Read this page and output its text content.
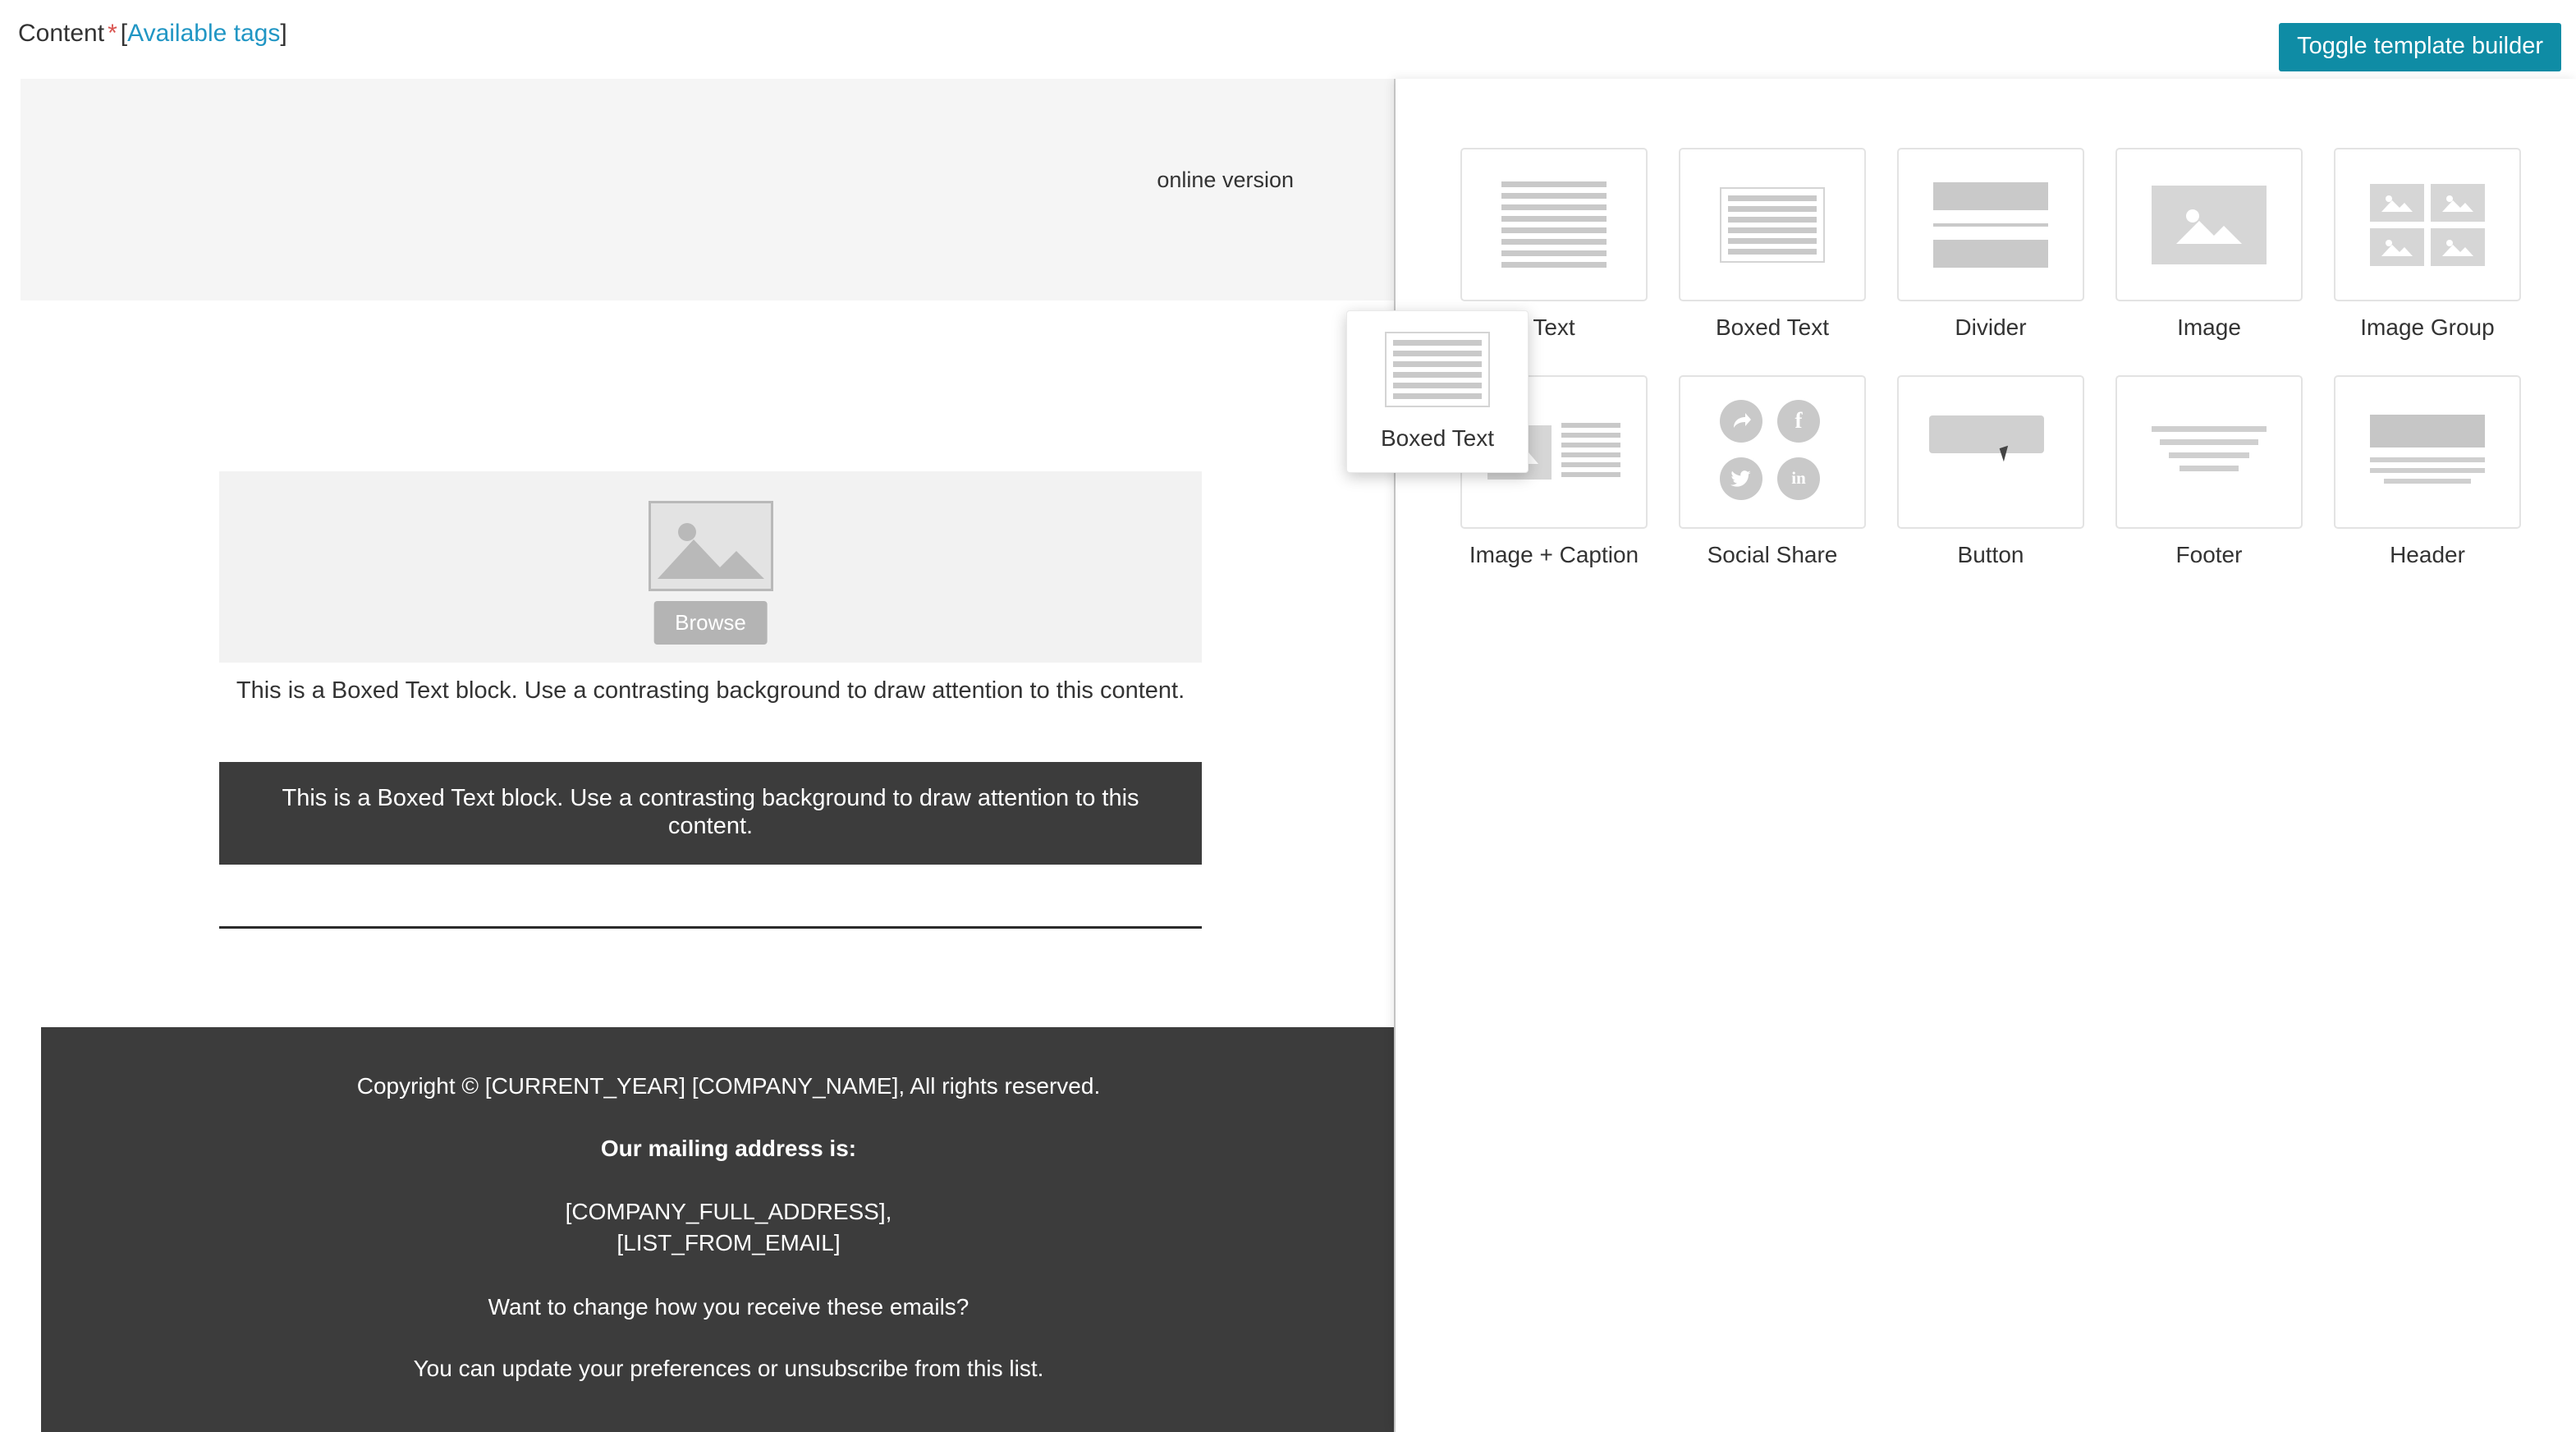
Content * [Available tags]	Toggle template builder
online version
Browse
This is a Boxed Text block. Use a contrasting background to draw attention to this content.
This is a Boxed Text block. Use a contrasting background to draw attention to this content.

Copyright © [CURRENT_YEAR] [COMPANY_NAME], All rights reserved.

Our mailing address is:

[COMPANY_FULL_ADDRESS],
[LIST_FROM_EMAIL]

Want to change how you receive these emails?

You can update your preferences or unsubscribe from this list.

Text	Boxed Text	Divider	Image	Image Group
Image + Caption
f
in
Social Share	Button	Footer	Header
Boxed Text
